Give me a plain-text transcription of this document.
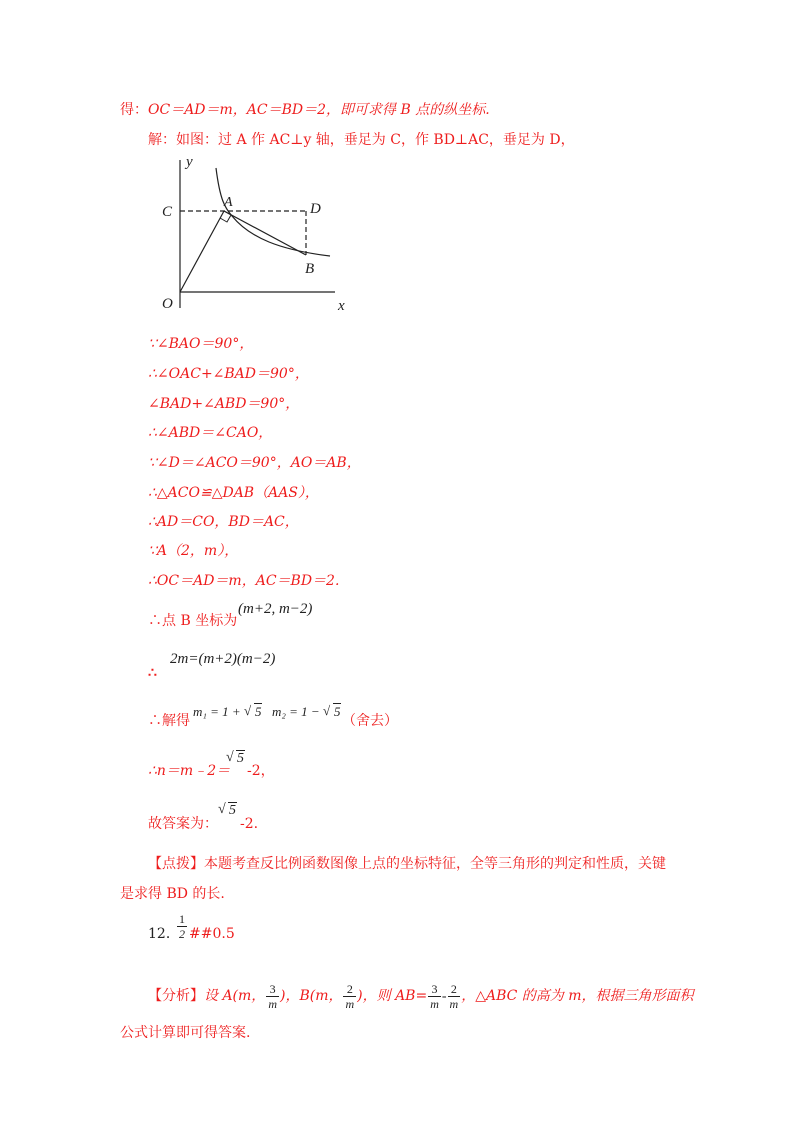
得：OC＝AD＝m，AC＝BD＝2，即可求得 B 点的纵坐标.
解：如图：过 A 作 AC⊥y 轴，垂足为 C，作 BD⊥AC，垂足为 D，
y
x
O
C
A	D
B
∵∠BAO＝90°，
∴∠OAC+∠BAD＝90°，
∠BAD+∠ABD＝90°，
∴∠ABD＝∠CAO，
∵∠D＝∠ACO＝90°，AO＝AB，
∴△ACO≌△DAB（AAS），
∴AD＝CO，BD＝AC，
∵A（2，m），
∴OC＝AD＝m，AC＝BD＝2.
∴点 B 坐标为
(m+2, m−2)
∴
2m=(m+2)(m−2)
∴解得
m₁ = 1 + √ 5 m₂ = 1 − √ 5
（舍去）
∴n＝m﹣2＝
√ 5
-2，
故答案为：
√ 5
-2.
【点拨】本题考查反比例函数图像上点的坐标特征，全等三角形的判定和性质，关键
是求得 BD 的长.
12．
$\frac{1}{2}$ ##0.5
【分析】设 A(m， $\frac{3}{m}$ )，B(m， $\frac{2}{m}$ )，则 $AB= \frac{3}{m} - \frac{2}{m}$ ，△ABC 的高为 m，根据三角形面积
公式计算即可得答案.
